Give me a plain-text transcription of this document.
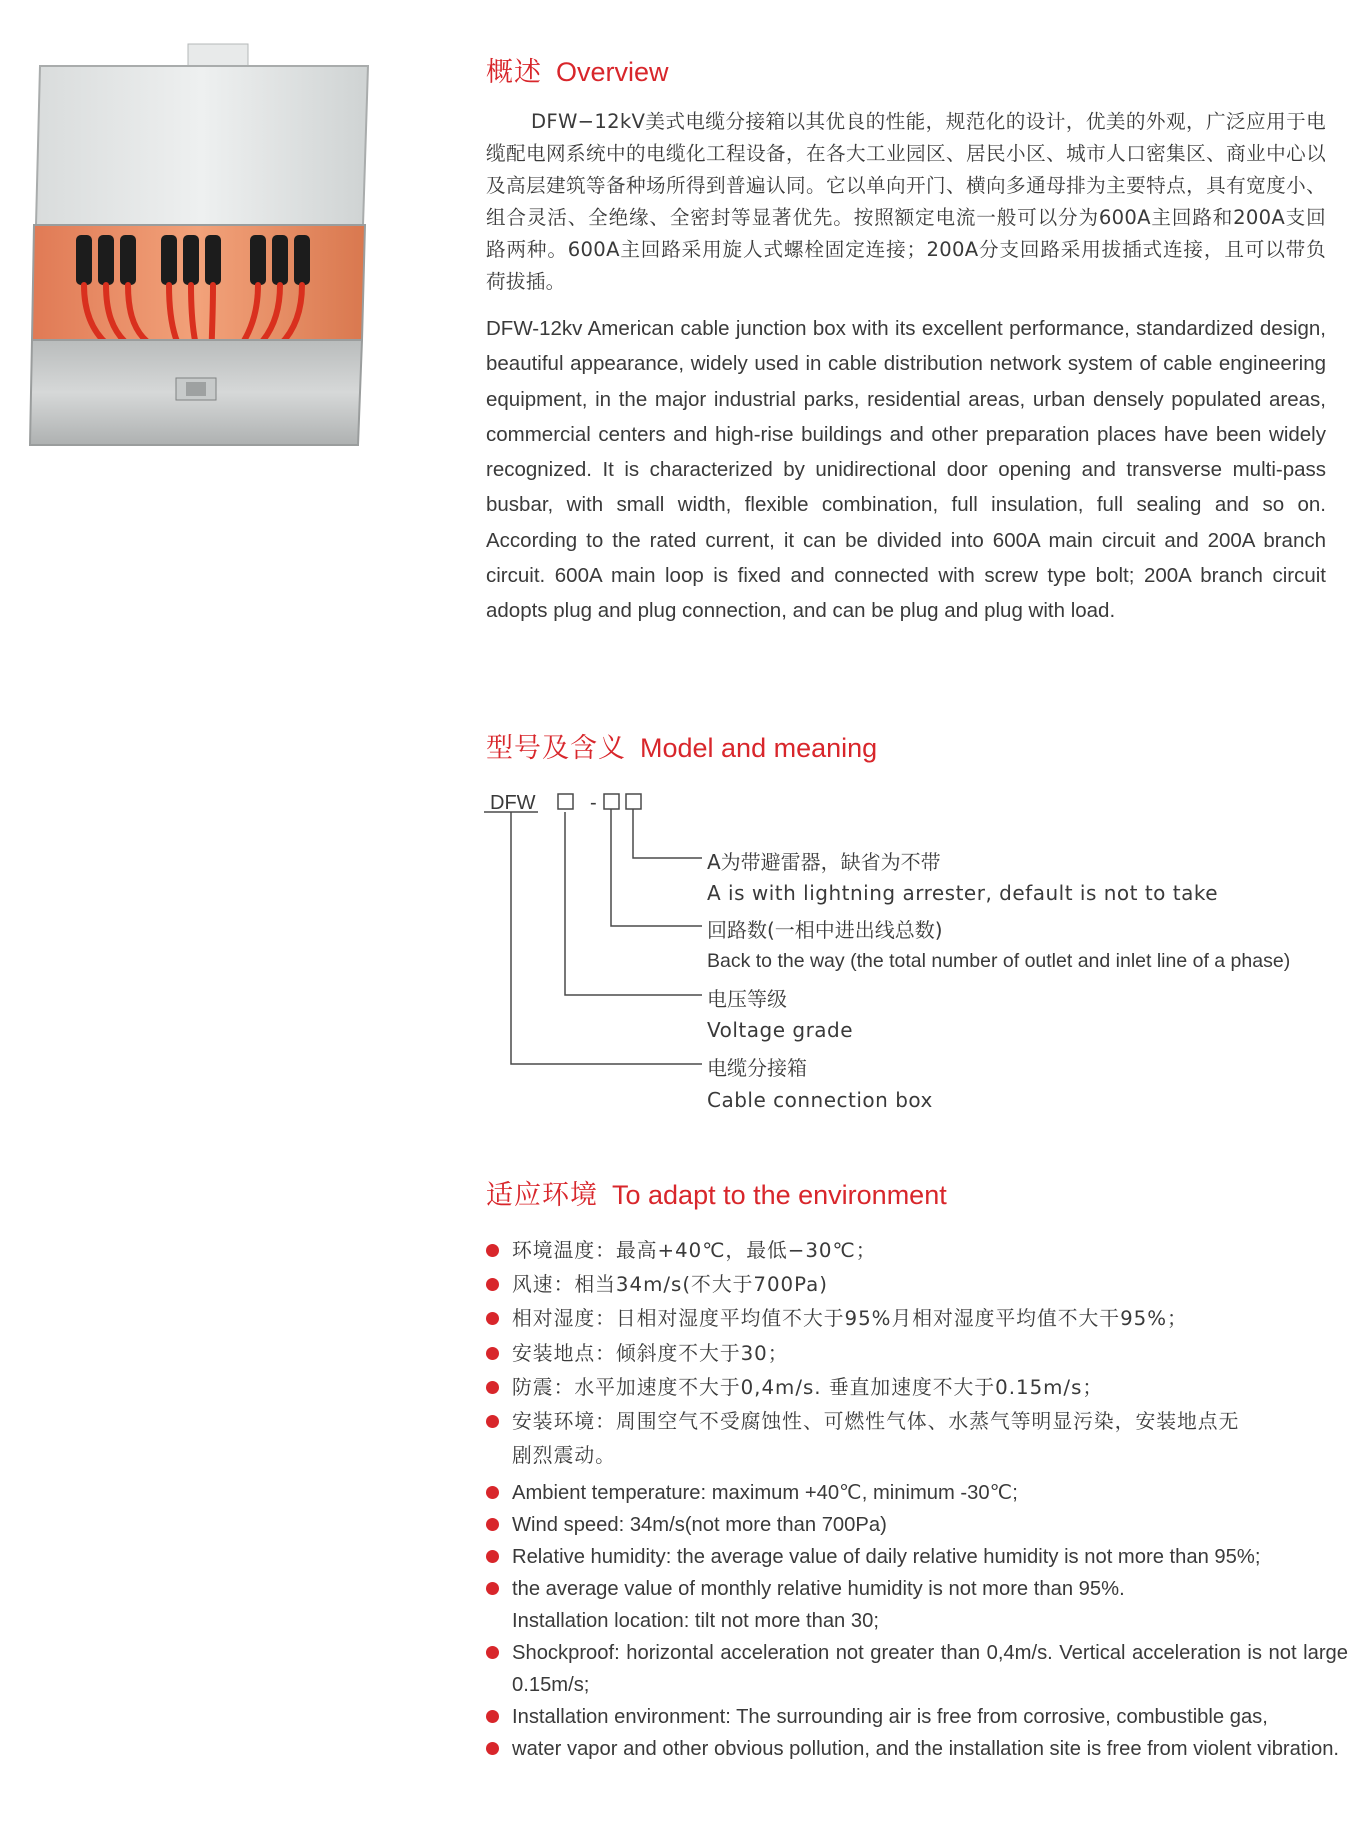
概述 Overview

DFW−12kV美式电缆分接箱以其优良的性能，规范化的设计，优美的外观，广泛应用于电缆配电网系统中的电缆化工程设备，在各大工业园区、居民小区、城市人口密集区、商业中心以及高层建筑等备种场所得到普遍认同。它以单向开门、横向多通母排为主要特点，具有宽度小、组合灵活、全绝缘、全密封等显著优先。按照额定电流一般可以分为600A主回路和200A支回路两种。600A主回路采用旋人式螺栓固定连接；200A分支回路采用拔插式连接，且可以带负荷拔插。

DFW-12kv American cable junction box with its excellent performance, standardized design, beautiful appearance, widely used in cable distribution network system of cable engineering equipment, in the major industrial parks, residential areas, urban densely populated areas, commercial centers and high-rise buildings and other preparation places have been widely recognized. It is characterized by unidirectional door opening and transverse multi-pass busbar, with small width, flexible combination, full insulation, full sealing and so on. According to the rated current, it can be divided into 600A main circuit and 200A branch circuit. 600A main loop is fixed and connected with screw type bolt; 200A branch circuit adopts plug and plug connection, and can be plug and plug with load.

型号及含义 Model and meaning
DFW	-
A为带避雷器，缺省为不带
A is with lightning arrester, default is not to take
回路数(一相中进出线总数)
Back to the way (the total number of outlet and inlet line of a phase)
电压等级
Voltage grade
电缆分接箱
Cable connection box
适应环境 To adapt to the environment
环境温度：最高+40℃，最低−30℃；
风速：相当34m/s(不大于700Pa)
相对湿度：日相对湿度平均值不大于95%月相对湿度平均值不大干95%；
安装地点：倾斜度不大于30；
防震：水平加速度不大于0,4m/s. 垂直加速度不大于0.15m/s；
安装环境：周围空气不受腐蚀性、可燃性气体、水蒸气等明显污染，安装地点无
剧烈震动。
Ambient temperature: maximum +40℃, minimum -30℃;
Wind speed: 34m/s(not more than 700Pa)
Relative humidity: the average value of daily relative humidity is not more than 95%;
the average value of monthly relative humidity is not more than 95%.
Installation location: tilt not more than 30;
Shockproof: horizontal acceleration not greater than 0,4m/s. Vertical acceleration is not large 0.15m/s;
Installation environment: The surrounding air is free from corrosive, combustible gas,
water vapor and other obvious pollution, and the installation site is free from violent vibration.
